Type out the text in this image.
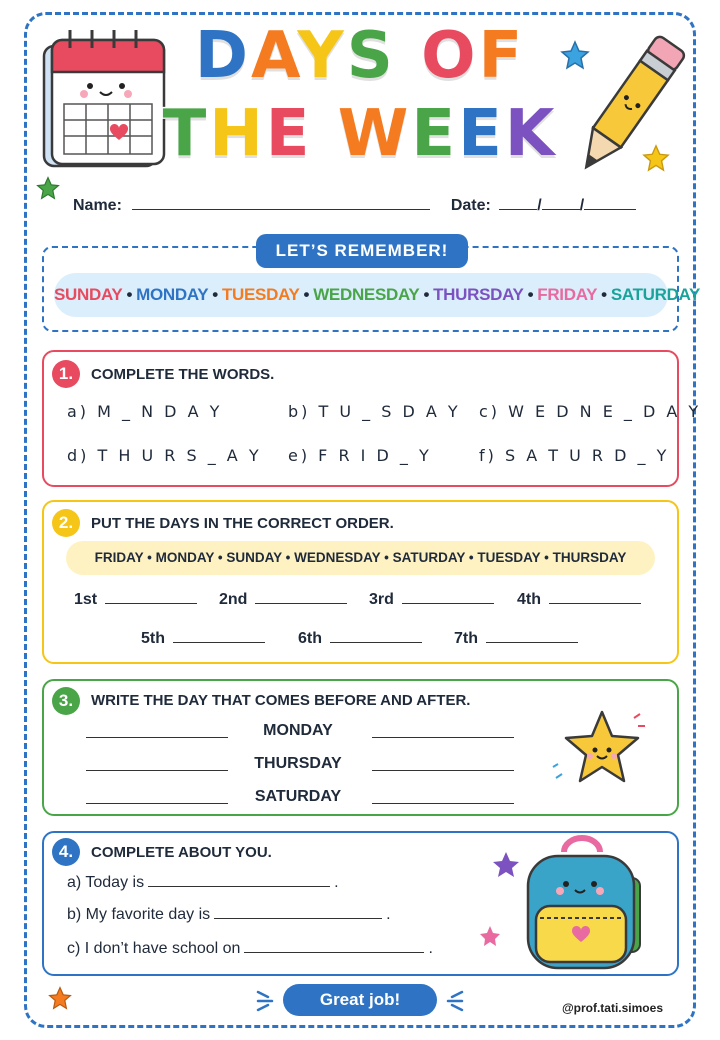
DAYS OF
THE WEEK
Name:	Date:	/ /
LET’S REMEMBER!
SUNDAY • MONDAY • TUESDAY • WEDNESDAY • THURSDAY • FRIDAY • SATURDAY
1.	COMPLETE THE WORDS.
a) M _ N D A Y	b) T U _ S D A Y c) W E D N E _ D A Y
d) T H U R S _ A Y e) F R I D _ Y	f) S A T U R D _ Y
2.	PUT THE DAYS IN THE CORRECT ORDER.
FRIDAY • MONDAY • SUNDAY • WEDNESDAY • SATURDAY • TUESDAY • THURSDAY
1st	2nd	3rd	4th
5th	6th	7th
3.	WRITE THE DAY THAT COMES BEFORE AND AFTER.
MONDAY
THURSDAY
SATURDAY
4.	COMPLETE ABOUT YOU.
a) Today is	.
b) My favorite day is	.
c) I don’t have school on	.
Great job!	@prof.tati.simoes
